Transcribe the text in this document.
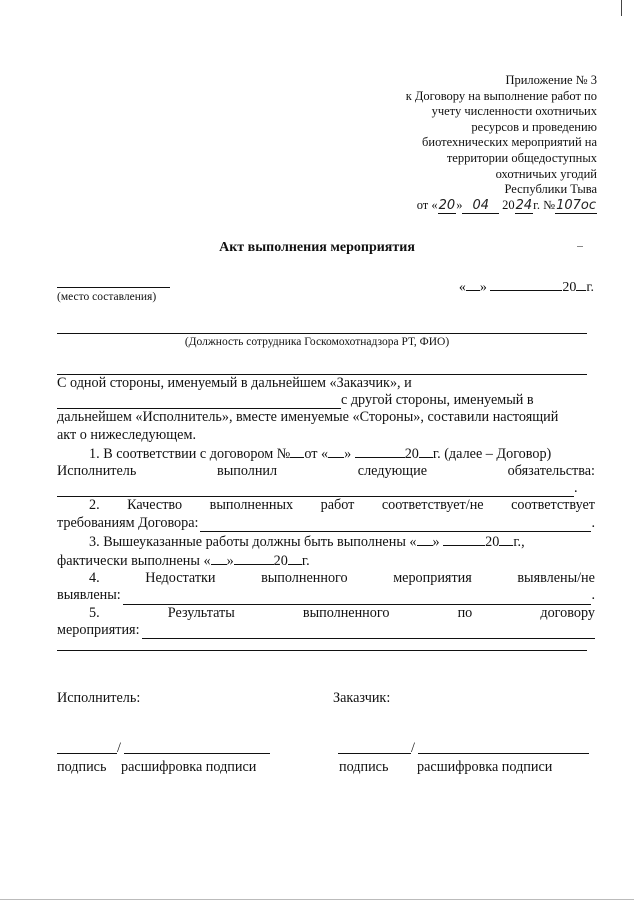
Приложение № 3
к Договору на выполнение работ по
учету численности охотничьих
ресурсов и проведению
биотехнических мероприятий на
территории общедоступных
охотничьих угодий
Республики Тыва
от «20» 04 2024г. №107ос
Акт выполнения мероприятия
(место составления)
« »	20 г.
(Должность сотрудника Госкомохотнадзора РТ, ФИО)
С одной стороны, именуемый в дальнейшем «Заказчик», и
с другой стороны, именуемый в
дальнейшем «Исполнитель», вместе именуемые «Стороны», составили настоящий
акт о нижеследующем.
1. В соответствии с договором № от « »	20 г. (далее – Договор)
Исполнитель	выполнил	следующие	обязательства:
.
2. Качество выполненных работ соответствует/не соответствует
требованиям Договора:	.
3. Вышеуказанные работы должны быть выполнены « »	20 г.,
фактически выполнены « »	20 г.
4.	Недостатки	выполненного	мероприятия	выявлены/не
выявлены:	.
5.	Результаты	выполненного	по	договору
мероприятия:
Исполнитель:	Заказчик:
/	/
подпись расшифровка подписи	подпись расшифровка подписи
